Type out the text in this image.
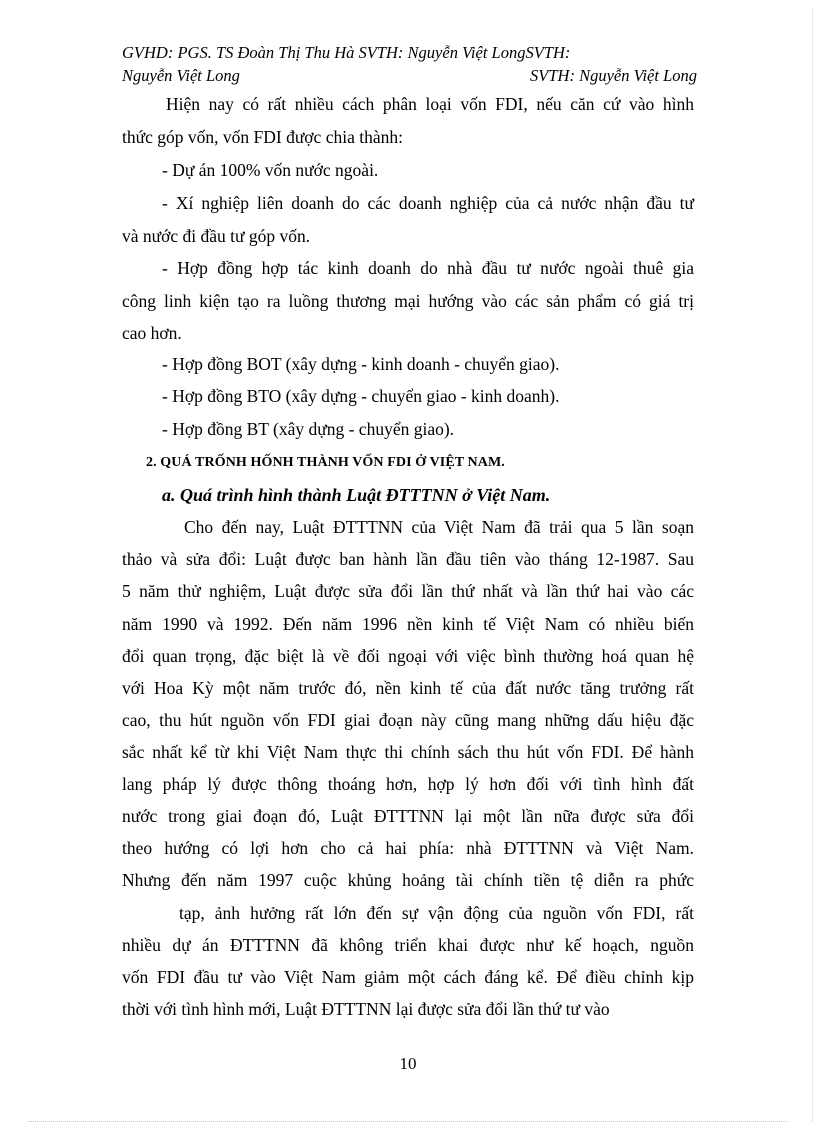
GVHD: PGS. TS Đoàn Thị Thu Hà SVTH: Nguyễn Việt LongSVTH:
Nguyễn Việt Long	SVTH: Nguyễn Việt Long
Hiện nay có rất nhiều cách phân loại vốn FDI, nếu căn cứ vào hình
thức góp vốn, vốn FDI được chia thành:
- Dự án 100% vốn nước ngoài.
- Xí nghiệp liên doanh do các doanh nghiệp của cả nước nhận đầu tư
và nước đi đầu tư góp vốn.
- Hợp đồng hợp tác kinh doanh do nhà đầu tư nước ngoài thuê gia
công linh kiện tạo ra luồng thương mại hướng vào các sản phẩm có giá trị
cao hơn.
- Hợp đồng BOT (xây dựng - kinh doanh - chuyển giao).
- Hợp đồng BTO (xây dựng - chuyển giao - kinh doanh).
- Hợp đồng BT (xây dựng - chuyển giao).
2. QUÁ TRỐNH HỐNH THÀNH VỐN FDI Ở VIỆT NAM.
a. Quá trình hình thành Luật ĐTTTNN ở Việt Nam.
Cho đến nay, Luật ĐTTTNN của Việt Nam đã trải qua 5 lần soạn
thảo và sửa đổi: Luật được ban hành lần đầu tiên vào tháng 12-1987. Sau
5 năm thử nghiệm, Luật được sửa đổi lần thứ nhất và lần thứ hai vào các
năm 1990 và 1992. Đến năm 1996 nền kinh tế Việt Nam có nhiều biến
đổi quan trọng, đặc biệt là về đối ngoại với việc bình thường hoá quan hệ
với Hoa Kỳ một năm trước đó, nền kinh tế của đất nước tăng trưởng rất
cao, thu hút nguồn vốn FDI giai đoạn này cũng mang những dấu hiệu đặc
sắc nhất kể từ khi Việt Nam thực thi chính sách thu hút vốn FDI. Để hành
lang pháp lý được thông thoáng hơn, hợp lý hơn đối với tình hình đất
nước trong giai đoạn đó, Luật ĐTTTNN lại một lần nữa được sửa đổi
theo hướng có lợi hơn cho cả hai phía: nhà ĐTTTNN và Việt Nam.
Nhưng đến năm 1997 cuộc khủng hoảng tài chính tiền tệ diễn ra phức
tạp, ảnh hưởng rất lớn đến sự vận động của nguồn vốn FDI, rất
nhiều dự án ĐTTTNN đã không triển khai được như kế hoạch, nguồn
vốn FDI đầu tư vào Việt Nam giảm một cách đáng kể. Để điều chỉnh kịp
thời với tình hình mới, Luật ĐTTTNN lại được sửa đổi lần thứ tư vào
10
